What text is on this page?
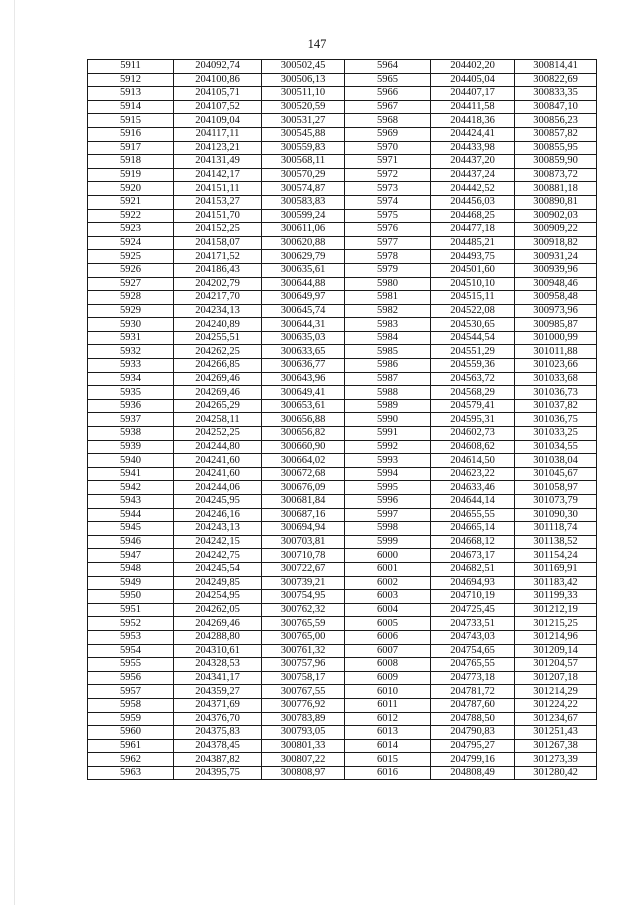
147
5911	204092,74	300502,45	5964	204402,20	300814,41
5912	204100,86	300506,13	5965	204405,04	300822,69
5913	204105,71	300511,10	5966	204407,17	300833,35
5914	204107,52	300520,59	5967	204411,58	300847,10
5915	204109,04	300531,27	5968	204418,36	300856,23
5916	204117,11	300545,88	5969	204424,41	300857,82
5917	204123,21	300559,83	5970	204433,98	300855,95
5918	204131,49	300568,11	5971	204437,20	300859,90
5919	204142,17	300570,29	5972	204437,24	300873,72
5920	204151,11	300574,87	5973	204442,52	300881,18
5921	204153,27	300583,83	5974	204456,03	300890,81
5922	204151,70	300599,24	5975	204468,25	300902,03
5923	204152,25	300611,06	5976	204477,18	300909,22
5924	204158,07	300620,88	5977	204485,21	300918,82
5925	204171,52	300629,79	5978	204493,75	300931,24
5926	204186,43	300635,61	5979	204501,60	300939,96
5927	204202,79	300644,88	5980	204510,10	300948,46
5928	204217,70	300649,97	5981	204515,11	300958,48
5929	204234,13	300645,74	5982	204522,08	300973,96
5930	204240,89	300644,31	5983	204530,65	300985,87
5931	204255,51	300635,03	5984	204544,54	301000,99
5932	204262,25	300633,65	5985	204551,29	301011,88
5933	204266,85	300636,77	5986	204559,36	301023,66
5934	204269,46	300643,96	5987	204563,72	301033,68
5935	204269,46	300649,41	5988	204568,29	301036,73
5936	204265,29	300653,61	5989	204579,41	301037,82
5937	204258,11	300656,88	5990	204595,31	301036,75
5938	204252,25	300656,82	5991	204602,73	301033,25
5939	204244,80	300660,90	5992	204608,62	301034,55
5940	204241,60	300664,02	5993	204614,50	301038,04
5941	204241,60	300672,68	5994	204623,22	301045,67
5942	204244,06	300676,09	5995	204633,46	301058,97
5943	204245,95	300681,84	5996	204644,14	301073,79
5944	204246,16	300687,16	5997	204655,55	301090,30
5945	204243,13	300694,94	5998	204665,14	301118,74
5946	204242,15	300703,81	5999	204668,12	301138,52
5947	204242,75	300710,78	6000	204673,17	301154,24
5948	204245,54	300722,67	6001	204682,51	301169,91
5949	204249,85	300739,21	6002	204694,93	301183,42
5950	204254,95	300754,95	6003	204710,19	301199,33
5951	204262,05	300762,32	6004	204725,45	301212,19
5952	204269,46	300765,59	6005	204733,51	301215,25
5953	204288,80	300765,00	6006	204743,03	301214,96
5954	204310,61	300761,32	6007	204754,65	301209,14
5955	204328,53	300757,96	6008	204765,55	301204,57
5956	204341,17	300758,17	6009	204773,18	301207,18
5957	204359,27	300767,55	6010	204781,72	301214,29
5958	204371,69	300776,92	6011	204787,60	301224,22
5959	204376,70	300783,89	6012	204788,50	301234,67
5960	204375,83	300793,05	6013	204790,83	301251,43
5961	204378,45	300801,33	6014	204795,27	301267,38
5962	204387,82	300807,22	6015	204799,16	301273,39
5963	204395,75	300808,97	6016	204808,49	301280,42
